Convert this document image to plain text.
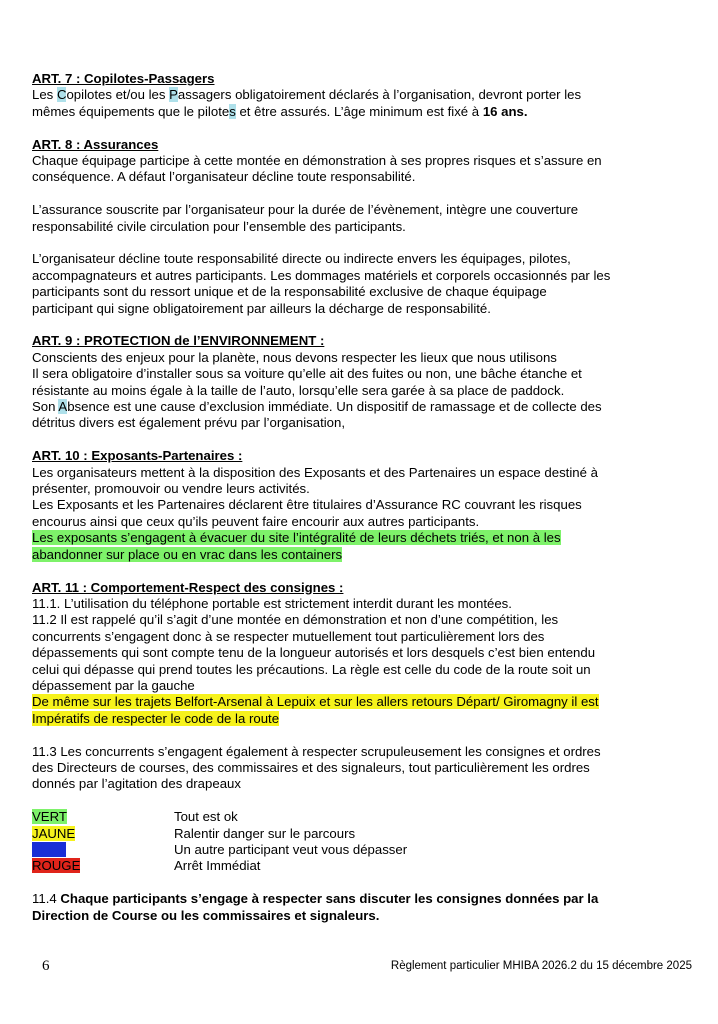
ART. 7 : Copilotes-Passagers

Les Copilotes et/ou les Passagers obligatoirement déclarés à l’organisation, devront porter les

mêmes équipements que le pilotes et être assurés. L’âge minimum est fixé à 16 ans.

ART. 8 : Assurances

Chaque équipage participe à cette montée en démonstration à ses propres risques et s’assure en

conséquence. A défaut l’organisateur décline toute responsabilité.

L’assurance souscrite par l’organisateur pour la durée de l’évènement, intègre une couverture

responsabilité civile circulation pour l’ensemble des participants.

L’organisateur décline toute responsabilité directe ou indirecte envers les équipages, pilotes,

accompagnateurs et autres participants. Les dommages matériels et corporels occasionnés par les

participants sont du ressort unique et de la responsabilité exclusive de chaque équipage

participant qui signe obligatoirement par ailleurs la décharge de responsabilité.

ART. 9 : PROTECTION de l’ENVIRONNEMENT :

Conscients des enjeux pour la planète, nous devons respecter les lieux que nous utilisons

Il sera obligatoire d’installer sous sa voiture qu’elle ait des fuites ou non, une bâche étanche et

résistante au moins égale à la taille de l’auto, lorsqu’elle sera garée à sa place de paddock.

Son Absence est une cause d’exclusion immédiate. Un dispositif de ramassage et de collecte des

détritus divers est également prévu par l’organisation,

ART. 10 : Exposants-Partenaires :

Les organisateurs mettent à la disposition des Exposants et des Partenaires un espace destiné à

présenter, promouvoir ou vendre leurs activités.

Les Exposants et les Partenaires déclarent être titulaires d’Assurance RC couvrant les risques

encourus ainsi que ceux qu’ils peuvent faire encourir aux autres participants.

Les exposants s’engagent à évacuer du site l’intégralité de leurs déchets triés, et non à les

abandonner sur place ou en vrac dans les containers

ART. 11 : Comportement-Respect des consignes :

11.1. L’utilisation du téléphone portable est strictement interdit durant les montées.

11.2 Il est rappelé qu’il s’agit d’une montée en démonstration et non d’une compétition, les

concurrents s’engagent donc à se respecter mutuellement tout particulièrement lors des

dépassements qui sont compte tenu de la longueur autorisés et lors desquels c’est bien entendu

celui qui dépasse qui prend toutes les précautions. La règle est celle du code de la route soit un

dépassement par la gauche

De même sur les trajets Belfort-Arsenal à Lepuix et sur les allers retours Départ/ Giromagny il est

Impératifs de respecter le code de la route

11.3 Les concurrents s’engagent également à respecter scrupuleusement les consignes et ordres

des Directeurs de courses, des commissaires et des signaleurs, tout particulièrement les ordres

donnés par l’agitation des drapeaux

VERT	Tout est ok
JAUNE	Ralentir danger sur le parcours
BLEU	Un autre participant veut vous dépasser
ROUGE	Arrêt Immédiat

11.4 Chaque participants s’engage à respecter sans discuter les consignes données par la

Direction de Course ou les commissaires et signaleurs.

6	Règlement particulier MHIBA 2026.2 du 15 décembre 2025
